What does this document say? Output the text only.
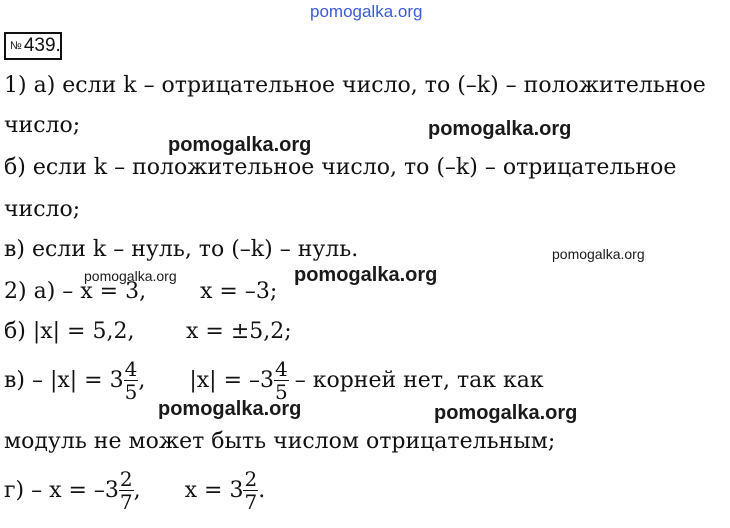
pomogalka.org
№ 439.
1) а) если k – отрицательное число, то (–k) – положительное
число;	pomogalka.org
pomogalka.org
б) если k – положительное число, то (–k) – отрицательное
число;
в) если k – нуль, то (–k) – нуль.	pomogalka.org
pomogalka.org	pomogalka.org
2) а) – x = 3, x = –3;
б) |x| = 5,2, x = ±5,2;
$в) - |x| = 3 \frac{4}{5}$ , $|x| = -3 \frac{4}{5}$ – корней нет, так как
pomogalka.org	pomogalka.org
модуль не может быть числом отрицательным;
$г) - x = -3 \frac{2}{7}$ , $x = 3 \frac{2}{7}$ .
